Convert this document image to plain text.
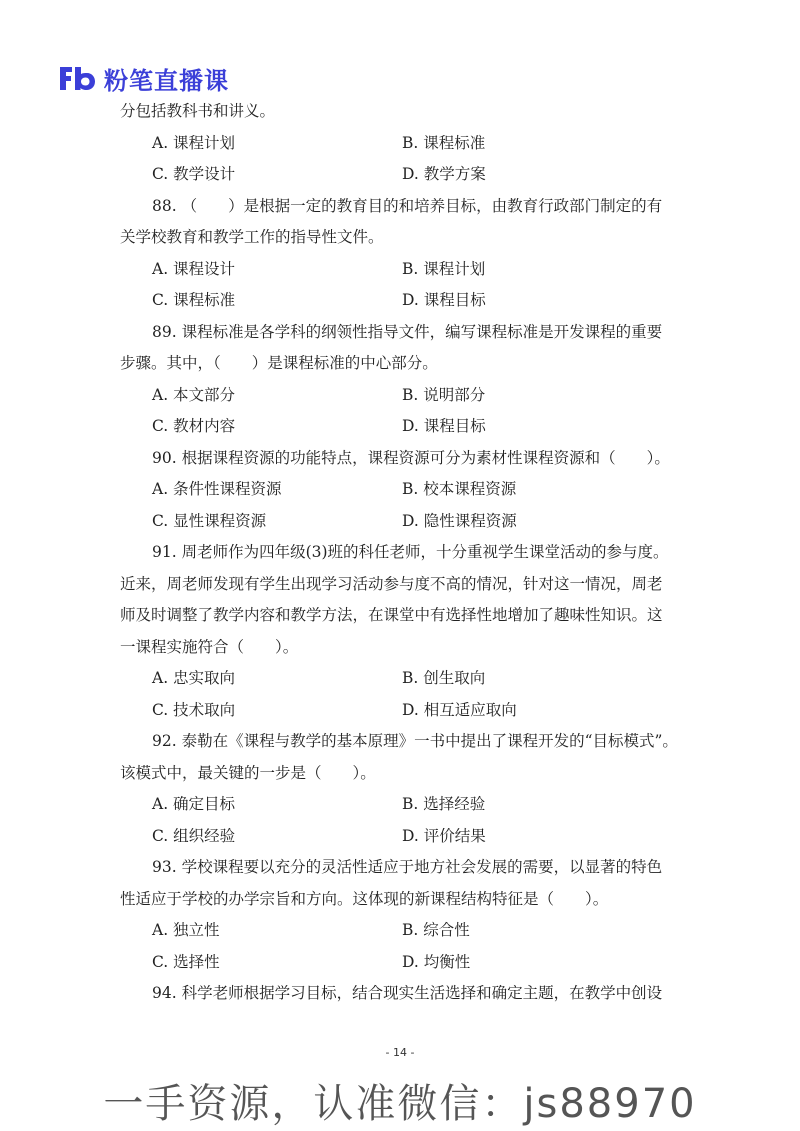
粉笔直播课
分包括教科书和讲义。
A. 课程计划	B. 课程标准
C. 教学设计	D. 教学方案
88. （　　）是根据一定的教育目的和培养目标，由教育行政部门制定的有
关学校教育和教学工作的指导性文件。
A. 课程设计	B. 课程计划
C. 课程标准	D. 课程目标
89. 课程标准是各学科的纲领性指导文件，编写课程标准是开发课程的重要
步骤。其中，（　　）是课程标准的中心部分。
A. 本文部分	B. 说明部分
C. 教材内容	D. 课程目标
90. 根据课程资源的功能特点，课程资源可分为素材性课程资源和（　　）。
A. 条件性课程资源	B. 校本课程资源
C. 显性课程资源	D. 隐性课程资源
91. 周老师作为四年级(3)班的科任老师，十分重视学生课堂活动的参与度。
近来，周老师发现有学生出现学习活动参与度不高的情况，针对这一情况，周老
师及时调整了教学内容和教学方法，在课堂中有选择性地增加了趣味性知识。这
一课程实施符合（　　）。
A. 忠实取向	B. 创生取向
C. 技术取向	D. 相互适应取向
92. 泰勒在《课程与教学的基本原理》一书中提出了课程开发的“目标模式”。
该模式中，最关键的一步是（　　）。
A. 确定目标	B. 选择经验
C. 组织经验	D. 评价结果
93. 学校课程要以充分的灵活性适应于地方社会发展的需要，以显著的特色
性适应于学校的办学宗旨和方向。这体现的新课程结构特征是（　　）。
A. 独立性	B. 综合性
C. 选择性	D. 均衡性
94. 科学老师根据学习目标，结合现实生活选择和确定主题，在教学中创设
- 14 -
一手资源，认准微信：js88970
